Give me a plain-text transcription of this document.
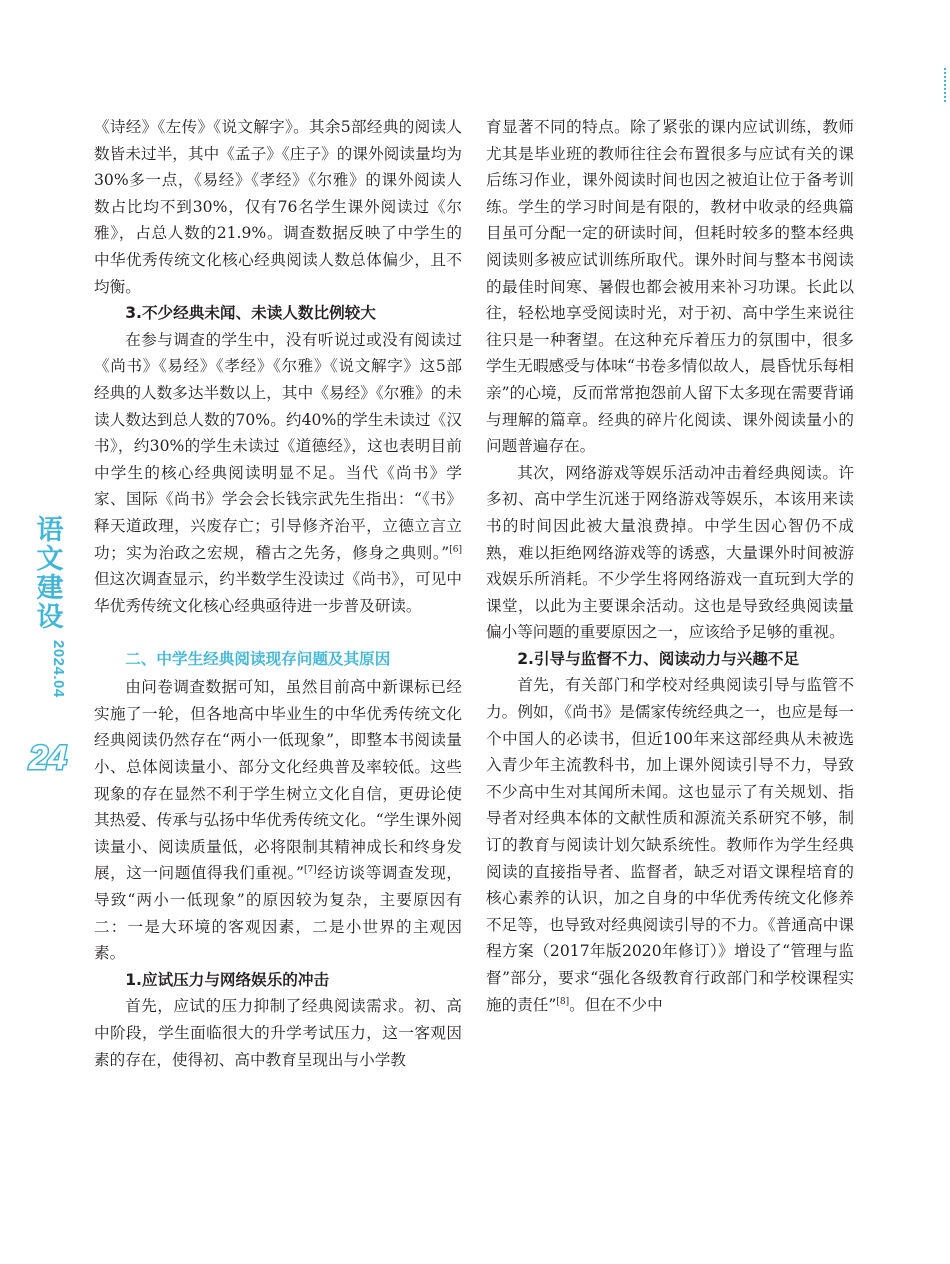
语
文
建
设
2024.04
24

《诗经》《左传》《说文解字》。其余5部经典的阅读人数皆未过半，其中《孟子》《庄子》的课外阅读量均为30%多一点，《易经》《孝经》《尔雅》的课外阅读人数占比均不到30%，仅有76名学生课外阅读过《尔雅》，占总人数的21.9%。调查数据反映了中学生的中华优秀传统文化核心经典阅读人数总体偏少，且不均衡。

3.不少经典未闻、未读人数比例较大

在参与调查的学生中，没有听说过或没有阅读过《尚书》《易经》《孝经》《尔雅》《说文解字》这5部经典的人数多达半数以上，其中《易经》《尔雅》的未读人数达到总人数的70%。约40%的学生未读过《汉书》，约30%的学生未读过《道德经》，这也表明目前中学生的核心经典阅读明显不足。当代《尚书》学家、国际《尚书》学会会长钱宗武先生指出：“《书》释天道政理，兴废存亡；引导修齐治平，立德立言立功；实为治政之宏规，稽古之先务，修身之典则。”[6]但这次调查显示，约半数学生没读过《尚书》，可见中华优秀传统文化核心经典亟待进一步普及研读。

二、中学生经典阅读现存问题及其原因

由问卷调查数据可知，虽然目前高中新课标已经实施了一轮，但各地高中毕业生的中华优秀传统文化经典阅读仍然存在“两小一低现象”，即整本书阅读量小、总体阅读量小、部分文化经典普及率较低。这些现象的存在显然不利于学生树立文化自信，更毋论使其热爱、传承与弘扬中华优秀传统文化。“学生课外阅读量小、阅读质量低，必将限制其精神成长和终身发展，这一问题值得我们重视。”[7]经访谈等调查发现，导致“两小一低现象”的原因较为复杂，主要原因有二：一是大环境的客观因素，二是小世界的主观因素。

1.应试压力与网络娱乐的冲击

首先，应试的压力抑制了经典阅读需求。初、高中阶段，学生面临很大的升学考试压力，这一客观因素的存在，使得初、高中教育呈现出与小学教

育显著不同的特点。除了紧张的课内应试训练，教师尤其是毕业班的教师往往会布置很多与应试有关的课后练习作业，课外阅读时间也因之被迫让位于备考训练。学生的学习时间是有限的，教材中收录的经典篇目虽可分配一定的研读时间，但耗时较多的整本经典阅读则多被应试训练所取代。课外时间与整本书阅读的最佳时间寒、暑假也都会被用来补习功课。长此以往，轻松地享受阅读时光，对于初、高中学生来说往往只是一种奢望。在这种充斥着压力的氛围中，很多学生无暇感受与体味“书卷多情似故人，晨昏忧乐每相亲”的心境，反而常常抱怨前人留下太多现在需要背诵与理解的篇章。经典的碎片化阅读、课外阅读量小的问题普遍存在。

其次，网络游戏等娱乐活动冲击着经典阅读。许多初、高中学生沉迷于网络游戏等娱乐，本该用来读书的时间因此被大量浪费掉。中学生因心智仍不成熟，难以拒绝网络游戏等的诱惑，大量课外时间被游戏娱乐所消耗。不少学生将网络游戏一直玩到大学的课堂，以此为主要课余活动。这也是导致经典阅读量偏小等问题的重要原因之一，应该给予足够的重视。

2.引导与监督不力、阅读动力与兴趣不足

首先，有关部门和学校对经典阅读引导与监管不力。例如，《尚书》是儒家传统经典之一，也应是每一个中国人的必读书，但近100年来这部经典从未被选入青少年主流教科书，加上课外阅读引导不力，导致不少高中生对其闻所未闻。这也显示了有关规划、指导者对经典本体的文献性质和源流关系研究不够，制订的教育与阅读计划欠缺系统性。教师作为学生经典阅读的直接指导者、监督者，缺乏对语文课程培育的核心素养的认识，加之自身的中华优秀传统文化修养不足等，也导致对经典阅读引导的不力。《普通高中课程方案（2017年版2020年修订）》增设了“管理与监督”部分，要求“强化各级教育行政部门和学校课程实施的责任”[8]。但在不少中
